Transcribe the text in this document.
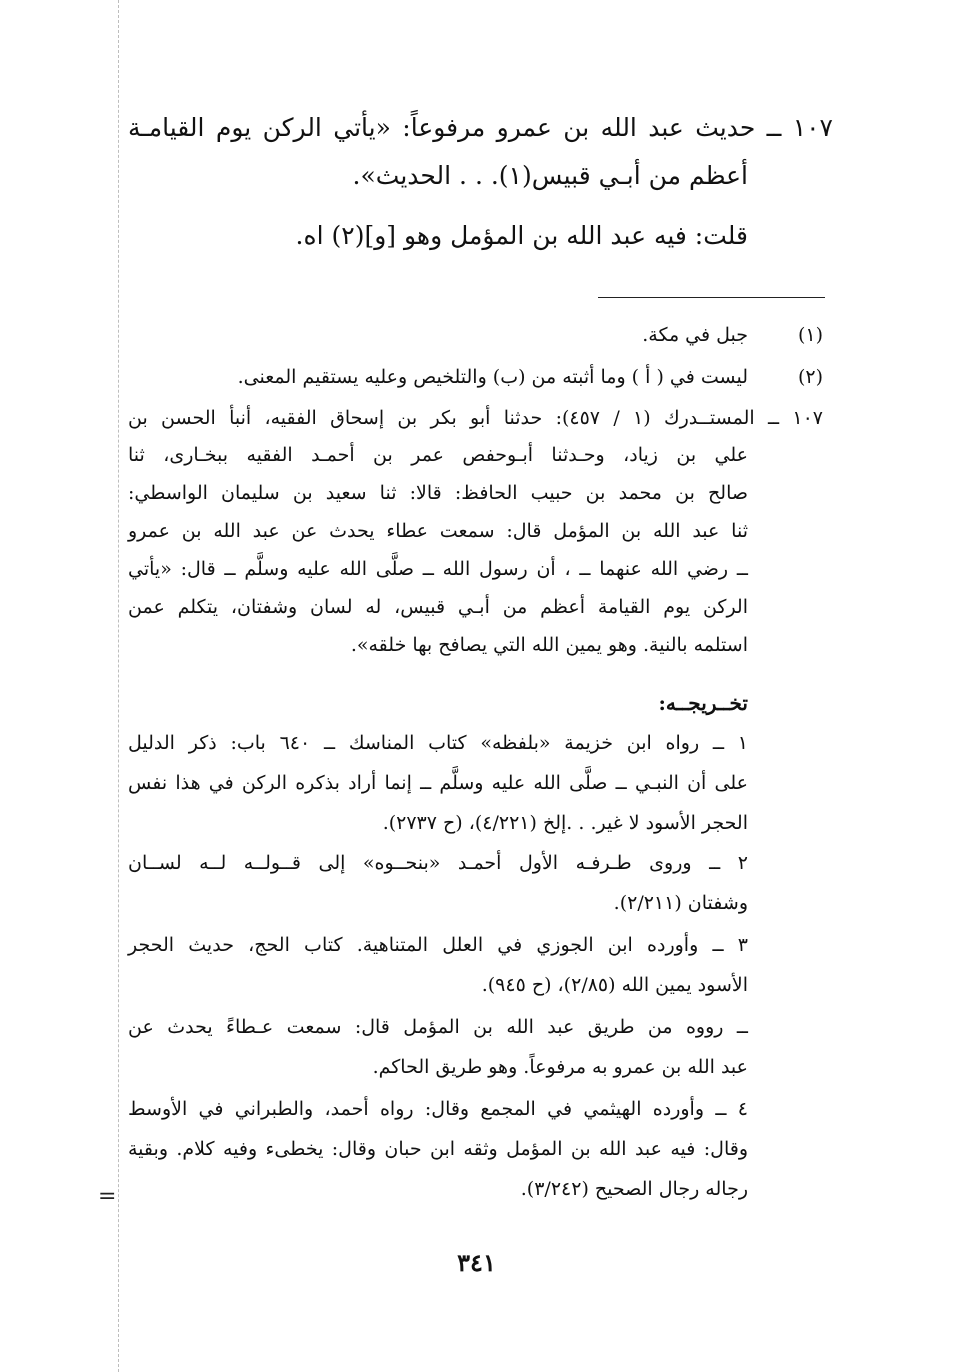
=
١٠٧ ــ حديث عبد الله بن عمرو مرفوعاً: «يأتي الركن يوم القيامـة
أعظم من أبـي قبيس(١). . . الحديث».
قلت: فيه عبد الله بن المؤمل وهو [و](٢) اه.
(١)
جبل في مكة.
(٢)
ليست في ( أ ) وما أثبته من (ب) والتلخيص وعليه يستقيم المعنى.
١٠٧ ــ المستــدرك (١ / ٤٥٧): حدثنا أبو بكر بن إسحاق الفقيه، أنبأ الحسن بن
علي بن زياد، وحـدثنا أبـوحفص عمر بن أحمـد الفقيه ببخـارى، ثنا
صالح بن محمد بن حبيب الحافظ: قالا: ثنا سعيد بن سليمان الواسطي:
ثنا عبد الله بن المؤمل قال: سمعت عطاء يحدث عن عبد الله بن عمرو
ــ رضي الله عنهما ــ ، أن رسول الله ــ صلَّى الله عليه وسلَّم ــ قال: «يأتي
الركن يوم القيامة أعظم من أبـي قبيس، له لسان وشفتان، يتكلم عمن
استلمه بالنية. وهو يمين الله التي يصافح بها خلقه».
تخــريجــه:
١ ــ رواه ابن خزيمة «بلفظه» كتاب المناسك ــ ٦٤٠ باب: ذكر الدليل
على أن النبـي ــ صلَّى الله عليه وسلَّم ــ إنما أراد بذكره الركن في هذا نفس
الحجر الأسود لا غير. . .إلخ (٤/٢٢١)، (ح ٢٧٣٧).
٢ ــ وروى طـرفـه الأول أحمـد «بنحــوه» إلى قــولــه لــه لســان
وشفتان (٢/٢١١).
٣ ــ وأورده ابن الجوزي في العلل المتناهية. كتاب الحج، حديث الحجر
الأسود يمين الله (٢/٨٥)، (ح ٩٤٥).
ــ رووه من طريق عبد الله بن المؤمل قال: سمعت عـطاءً يحدث عن
عبد الله بن عمرو به مرفوعاً. وهو طريق الحاكم.
٤ ــ وأورده الهيثمي في المجمع وقال: رواه أحمد، والطبراني في الأوسط
وقال: فيه عبد الله بن المؤمل وثقه ابن حبان وقال: يخطىء وفيه كلام. وبقية
رجاله رجال الصحيح (٣/٢٤٢).
٣٤١
